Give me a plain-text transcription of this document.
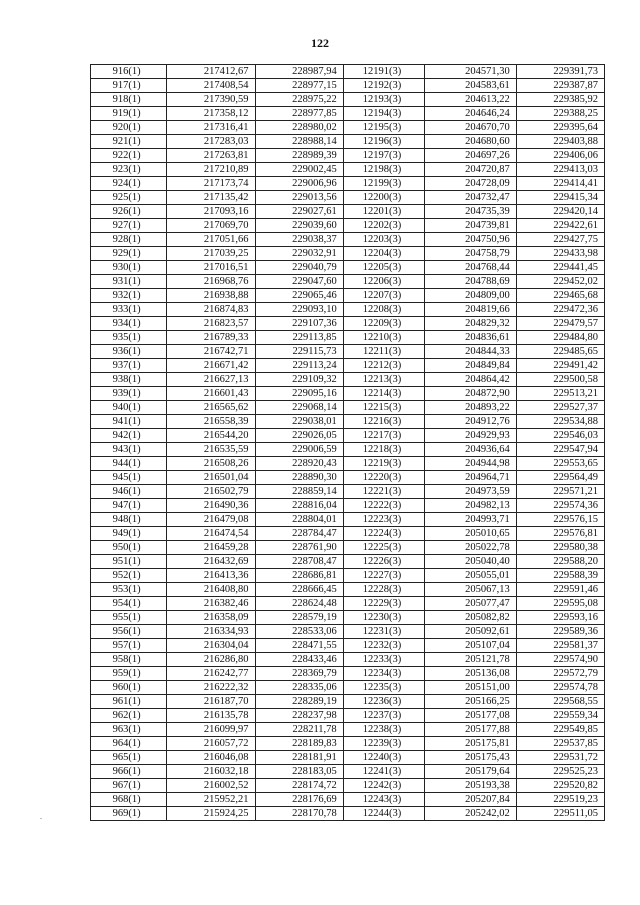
122
916(1)	217412,67	228987,94	12191(3)	204571,30	229391,73
917(1)	217408,54	228977,15	12192(3)	204583,61	229387,87
918(1)	217390,59	228975,22	12193(3)	204613,22	229385,92
919(1)	217358,12	228977,85	12194(3)	204646,24	229388,25
920(1)	217316,41	228980,02	12195(3)	204670,70	229395,64
921(1)	217283,03	228988,14	12196(3)	204680,60	229403,88
922(1)	217263,81	228989,39	12197(3)	204697,26	229406,06
923(1)	217210,89	229002,45	12198(3)	204720,87	229413,03
924(1)	217173,74	229006,96	12199(3)	204728,09	229414,41
925(1)	217135,42	229013,56	12200(3)	204732,47	229415,34
926(1)	217093,16	229027,61	12201(3)	204735,39	229420,14
927(1)	217069,70	229039,60	12202(3)	204739,81	229422,61
928(1)	217051,66	229038,37	12203(3)	204750,96	229427,75
929(1)	217039,25	229032,91	12204(3)	204758,79	229433,98
930(1)	217016,51	229040,79	12205(3)	204768,44	229441,45
931(1)	216968,76	229047,60	12206(3)	204788,69	229452,02
932(1)	216938,88	229065,46	12207(3)	204809,00	229465,68
933(1)	216874,83	229093,10	12208(3)	204819,66	229472,36
934(1)	216823,57	229107,36	12209(3)	204829,32	229479,57
935(1)	216789,33	229113,85	12210(3)	204836,61	229484,80
936(1)	216742,71	229115,73	12211(3)	204844,33	229485,65
937(1)	216671,42	229113,24	12212(3)	204849,84	229491,42
938(1)	216627,13	229109,32	12213(3)	204864,42	229500,58
939(1)	216601,43	229095,16	12214(3)	204872,90	229513,21
940(1)	216565,62	229068,14	12215(3)	204893,22	229527,37
941(1)	216558,39	229038,01	12216(3)	204912,76	229534,88
942(1)	216544,20	229026,05	12217(3)	204929,93	229546,03
943(1)	216535,59	229006,59	12218(3)	204936,64	229547,94
944(1)	216508,26	228920,43	12219(3)	204944,98	229553,65
945(1)	216501,04	228890,30	12220(3)	204964,71	229564,49
946(1)	216502,79	228859,14	12221(3)	204973,59	229571,21
947(1)	216490,36	228816,04	12222(3)	204982,13	229574,36
948(1)	216479,08	228804,01	12223(3)	204993,71	229576,15
949(1)	216474,54	228784,47	12224(3)	205010,65	229576,81
950(1)	216459,28	228761,90	12225(3)	205022,78	229580,38
951(1)	216432,69	228708,47	12226(3)	205040,40	229588,20
952(1)	216413,36	228686,81	12227(3)	205055,01	229588,39
953(1)	216408,80	228666,45	12228(3)	205067,13	229591,46
954(1)	216382,46	228624,48	12229(3)	205077,47	229595,08
955(1)	216358,09	228579,19	12230(3)	205082,82	229593,16
956(1)	216334,93	228533,06	12231(3)	205092,61	229589,36
957(1)	216304,04	228471,55	12232(3)	205107,04	229581,37
958(1)	216286,80	228433,46	12233(3)	205121,78	229574,90
959(1)	216242,77	228369,79	12234(3)	205136,08	229572,79
960(1)	216222,32	228335,06	12235(3)	205151,00	229574,78
961(1)	216187,70	228289,19	12236(3)	205166,25	229568,55
962(1)	216135,78	228237,98	12237(3)	205177,08	229559,34
963(1)	216099,97	228211,78	12238(3)	205177,88	229549,85
964(1)	216057,72	228189,83	12239(3)	205175,81	229537,85
965(1)	216046,08	228181,91	12240(3)	205175,43	229531,72
966(1)	216032,18	228183,05	12241(3)	205179,64	229525,23
967(1)	216002,52	228174,72	12242(3)	205193,38	229520,82
968(1)	215952,21	228176,69	12243(3)	205207,84	229519,23
969(1)	215924,25	228170,78	12244(3)	205242,02	229511,05
.
